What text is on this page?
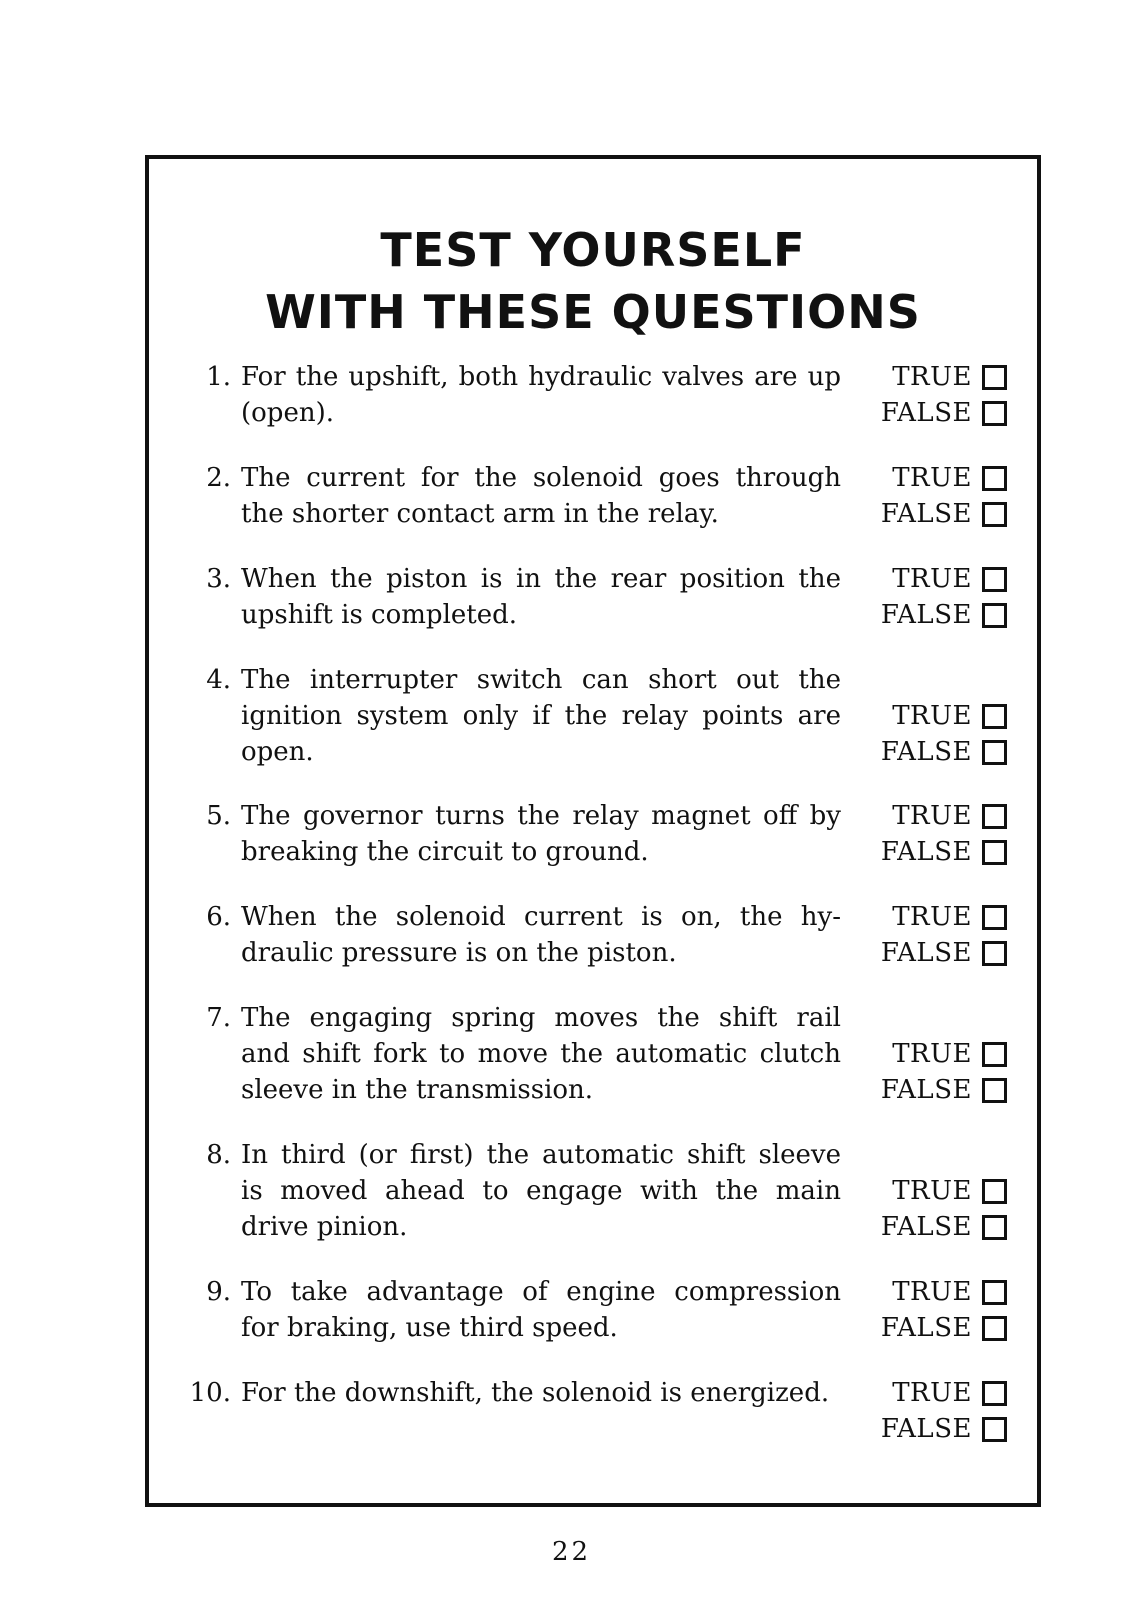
TEST YOURSELF
WITH THESE QUESTIONS
1. For the upshift, both hydraulic valves are up
(open).
TRUE
FALSE
2. The current for the solenoid goes through
the shorter contact arm in the relay.
TRUE
FALSE
3. When the piston is in the rear position the
upshift is completed.
TRUE
FALSE
4. The interrupter switch can short out the
ignition system only if the relay points are
open.
TRUE
FALSE
5. The governor turns the relay magnet off by
breaking the circuit to ground.
TRUE
FALSE
6. When the solenoid current is on, the hy-
draulic pressure is on the piston.
TRUE
FALSE
7. The engaging spring moves the shift rail
and shift fork to move the automatic clutch
sleeve in the transmission.
TRUE
FALSE
8. In third (or first) the automatic shift sleeve
is moved ahead to engage with the main
drive pinion.
TRUE
FALSE
9. To take advantage of engine compression
for braking, use third speed.
TRUE
FALSE
10. For the downshift, the solenoid is energized.	TRUE
FALSE
22
